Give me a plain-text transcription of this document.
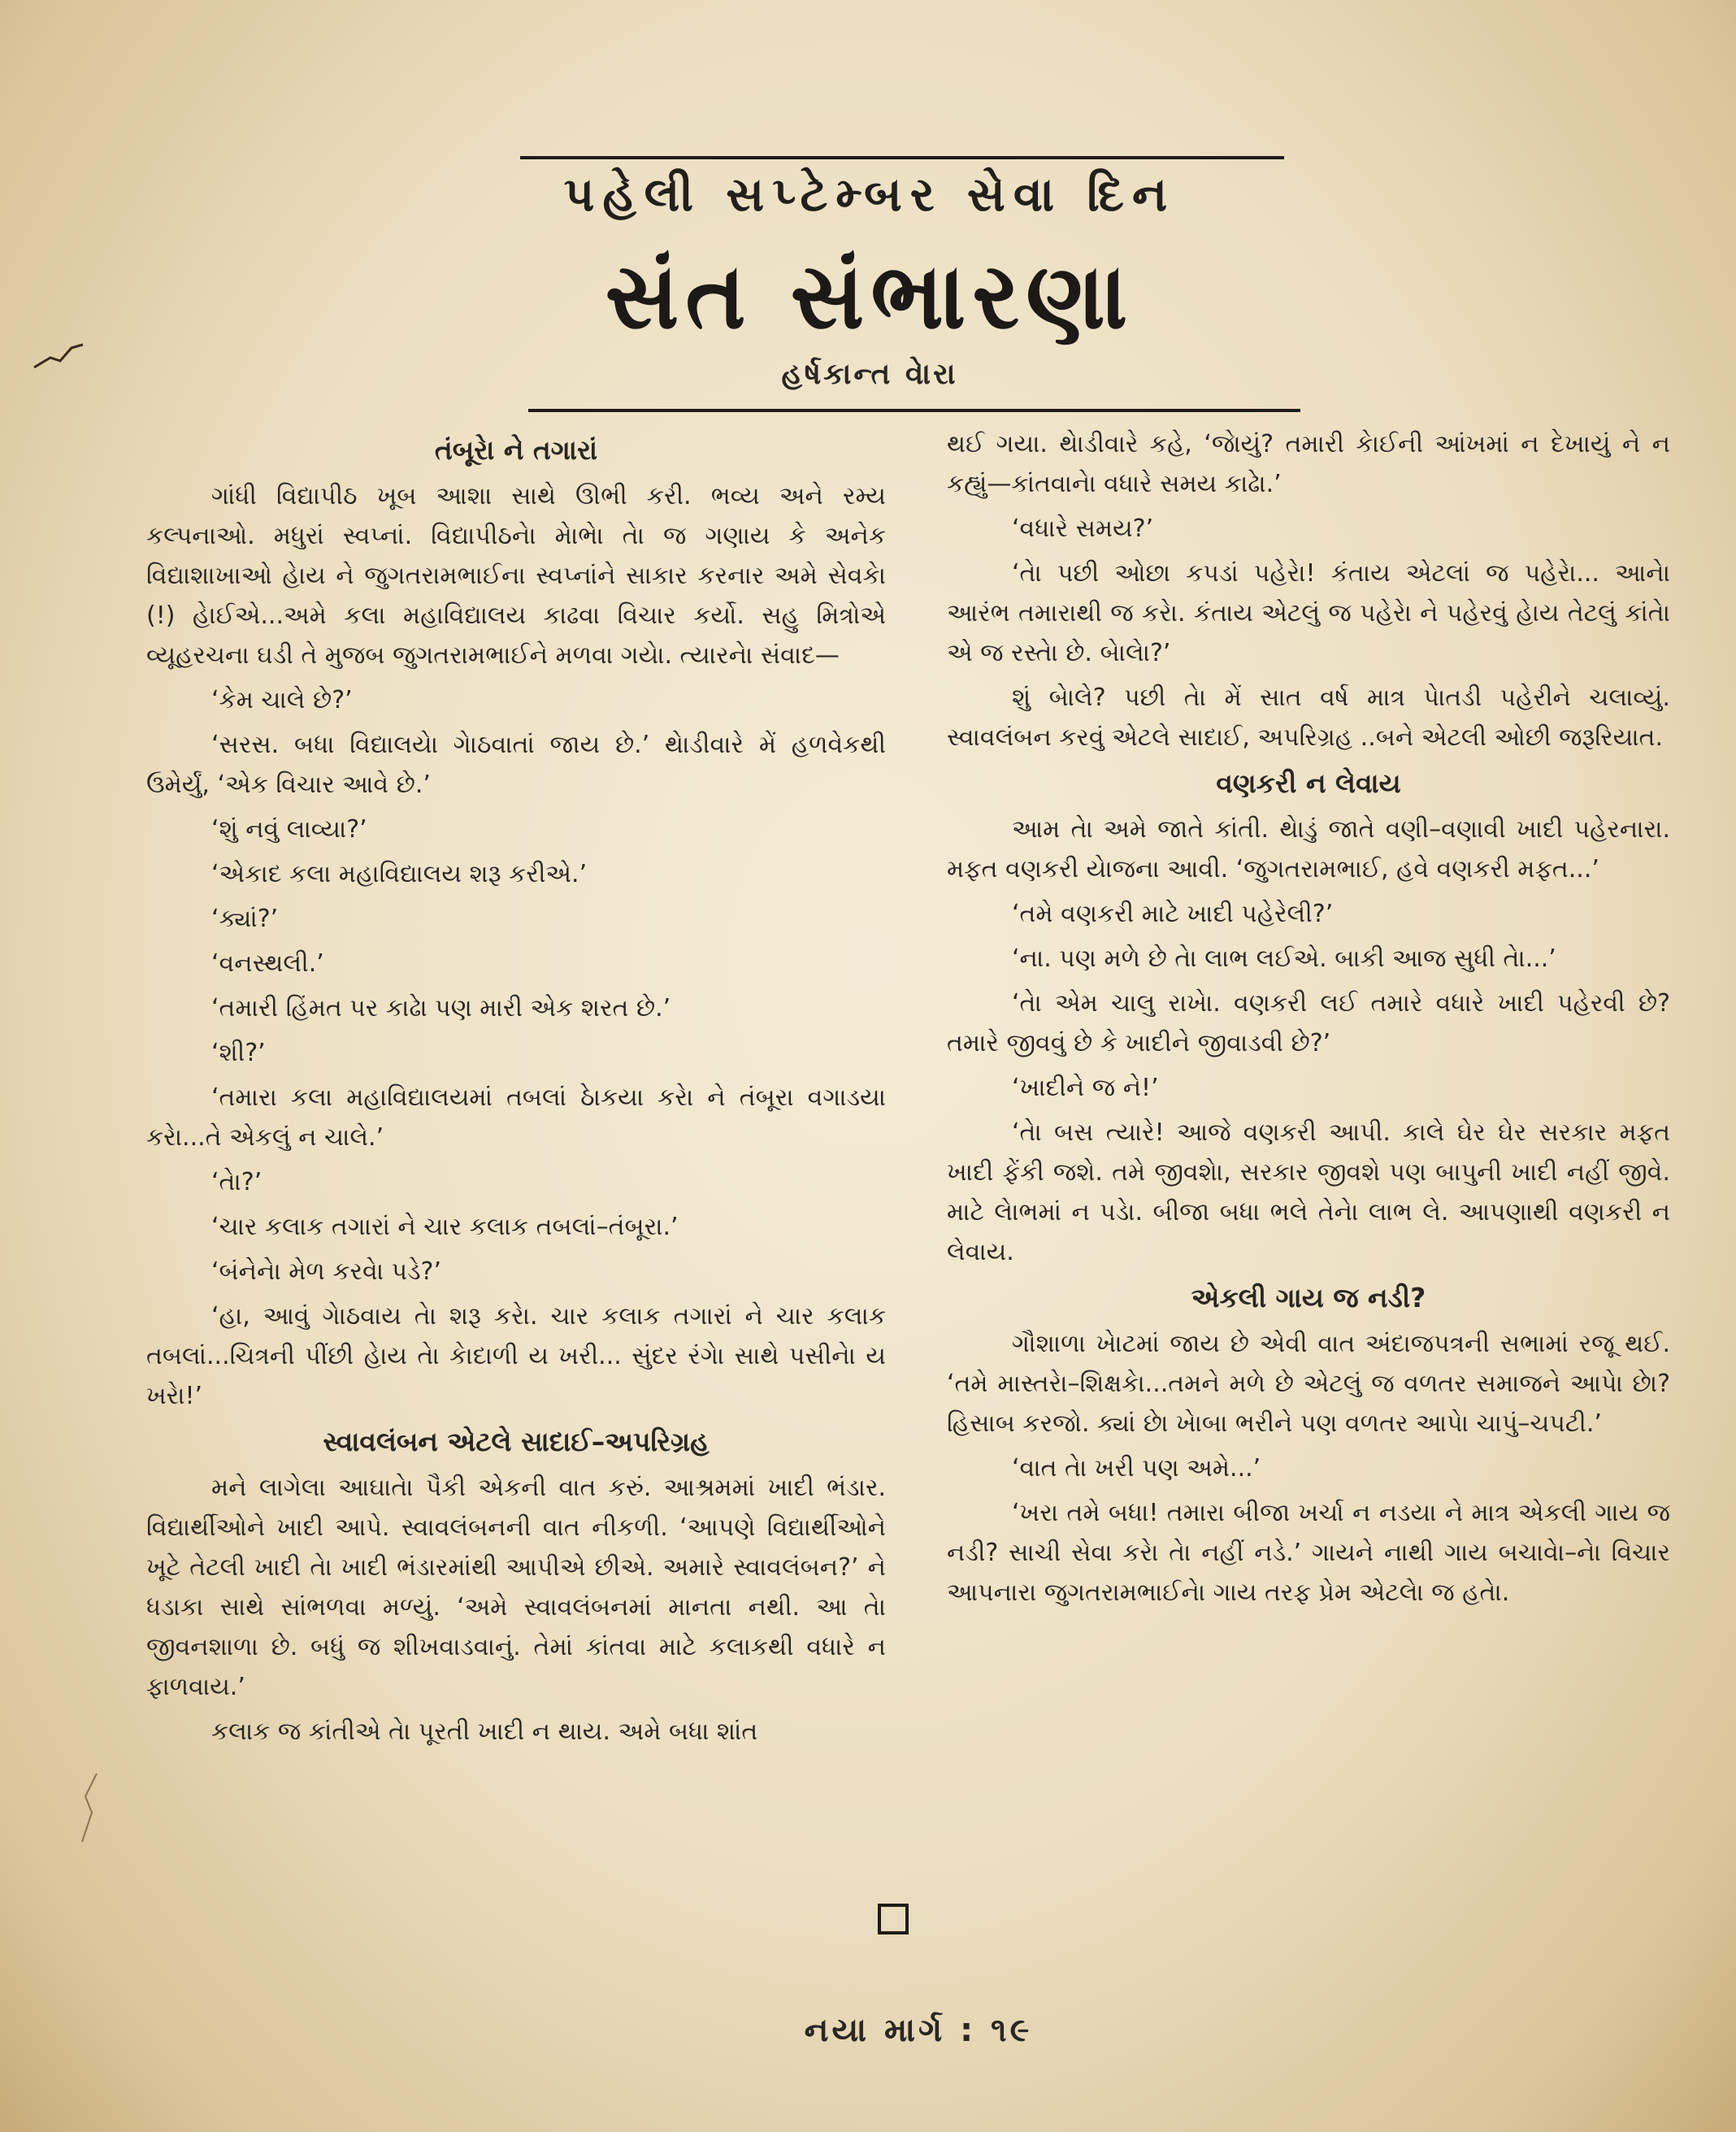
પહેલી સપ્ટેમ્બર સેવા દિન
સંત સંભારણા
હર્ષકાન્ત વેારા
તંબૂરેા ને તગારાં

ગાંધી વિદ્યાપીઠ ખૂબ આશા સાથે ઊભી કરી. ભવ્ય અને રમ્ય કલ્પનાઓ. મધુરાં સ્વપ્નાં. વિદ્યાપીઠનેા મેાભેા તેા જ ગણાય કે અનેક વિદ્યાશાખાઓ હેાય ને જુગતરામભાઈના સ્વપ્નાંને સાકાર કરનાર અમે સેવકેા (!) હેાઈએ...અમે કલા મહાવિદ્યાલય કાઢવા વિચાર કર્યો. સહુ મિત્રોએ વ્યૂહરચના ઘડી તે મુજબ જુગતરામભાઈને મળવા ગયેા. ત્યારનેા સંવાદ—

‘કેમ ચાલે છે?’

‘સરસ. બધા વિદ્યાલયેા ગેાઠવાતાં જાય છે.’ થેાડીવારે મેં હળવેકથી ઉમેર્યું, ‘એક વિચાર આવે છે.’

‘શું નવું લાવ્યા?’

‘એકાદ કલા મહાવિદ્યાલય શરૂ કરીએ.’

‘ક્યાં?’

‘વનસ્થલી.’

‘તમારી હિંમત પર કાઢેા પણ મારી એક શરત છે.’

‘શી?’

‘તમારા કલા મહાવિદ્યાલયમાં તબલાં ઠેાકયા કરેા ને તંબૂરા વગાડયા કરેા...તે એકલું ન ચાલે.’

‘તેા?’

‘ચાર કલાક તગારાં ને ચાર કલાક તબલાં–તંબૂરા.’

‘બંનેનેા મેળ કરવેા પડે?’

‘હા, આવું ગેાઠવાય તેા શરૂ કરેા. ચાર કલાક તગારાં ને ચાર કલાક તબલાં...ચિત્રની પીંછી હેાય તેા કેાદાળી ય ખરી... સુંદર રંગેા સાથે પસીનેા ય ખરેા!’

સ્વાવલંબન એટલે સાદાઈ–અપરિગ્રહ

મને લાગેલા આઘાતેા પૈકી એકની વાત કરું. આશ્રમમાં ખાદી ભંડાર. વિદ્યાર્થીઓને ખાદી આપે. સ્વાવલંબનની વાત નીકળી. ‘આપણે વિદ્યાર્થીઓને ખૂટે તેટલી ખાદી તેા ખાદી ભંડારમાંથી આપીએ છીએ. અમારે સ્વાવલંબન?’ ને ધડાકા સાથે સાંભળવા મળ્યું. ‘અમે સ્વાવલંબનમાં માનતા નથી. આ તેા જીવનશાળા છે. બધું જ શીખવાડવાનું. તેમાં કાંતવા માટે કલાકથી વધારે ન ફાળવાય.’

કલાક જ કાંતીએ તેા પૂરતી ખાદી ન થાય. અમે બધા શાંત

થઈ ગયા. થેાડીવારે કહે, ‘જેાયું? તમારી કેાઈની આંખમાં ન દેખાયું ને ન કહ્યું—કાંતવાનેા વધારે સમય કાઢેા.’

‘વધારે સમય?’

‘તેા પછી ઓછા કપડાં પહેરેા! કંતાય એટલાં જ પહેરેા... આનેા આરંભ તમારાથી જ કરેા. કંતાય એટલું જ પહેરેા ને પહેરવું હેાય તેટલું કાંતેા એ જ રસ્તેા છે. બેાલેા?’

શું બેાલે? પછી તેા મેં સાત વર્ષ માત્ર પેાતડી પહેરીને ચલાવ્યું. સ્વાવલંબન કરવું એટલે સાદાઈ, અપરિગ્રહ ..બને એટલી ઓછી જરૂરિયાત.

વણકરી ન લેવાય

આમ તેા અમે જાતે કાંતી. થેાડું જાતે વણી–વણાવી ખાદી પહેરનારા. મફત વણકરી યેાજના આવી. ‘જુગતરામભાઈ, હવે વણકરી મફત...’

‘તમે વણકરી માટે ખાદી પહેરેલી?’

‘ના. પણ મળે છે તેા લાભ લઈએ. બાકી આજ સુધી તેા...’

‘તેા એમ ચાલુ રાખેા. વણકરી લઈ તમારે વધારે ખાદી પહેરવી છે? તમારે જીવવું છે કે ખાદીને જીવાડવી છે?’

‘ખાદીને જ ને!’

‘તેા બસ ત્યારે! આજે વણકરી આપી. કાલે ઘેર ઘેર સરકાર મફત ખાદી ફેંકી જશે. તમે જીવશેા, સરકાર જીવશે પણ બાપુની ખાદી નહીં જીવે. માટે લેાભમાં ન પડેા. બીજા બધા ભલે તેનેા લાભ લે. આપણાથી વણકરી ન લેવાય.

એકલી ગાય જ નડી?

ગૌશાળા ખેાટમાં જાય છે એવી વાત અંદાજપત્રની સભામાં રજૂ થઈ. ‘તમે માસ્તરેા–શિક્ષકેા...તમને મળે છે એટલું જ વળતર સમાજને આપેા છેા? હિસાબ કરજો. ક્યાં છેા ખેાબા ભરીને પણ વળતર આપેા ચાપું–ચપટી.’

‘વાત તેા ખરી પણ અમે...’

‘ખરા તમે બધા! તમારા બીજા ખર્ચા ન નડયા ને માત્ર એકલી ગાય જ નડી? સાચી સેવા કરેા તેા નહીં નડે.’ ગાયને નાથી ગાય બચાવેા–નેા વિચાર આપનારા જુગતરામભાઈનેા ગાય તરફ પ્રેમ એટલેા જ હતેા.

નયા માર્ગ : ૧૯
